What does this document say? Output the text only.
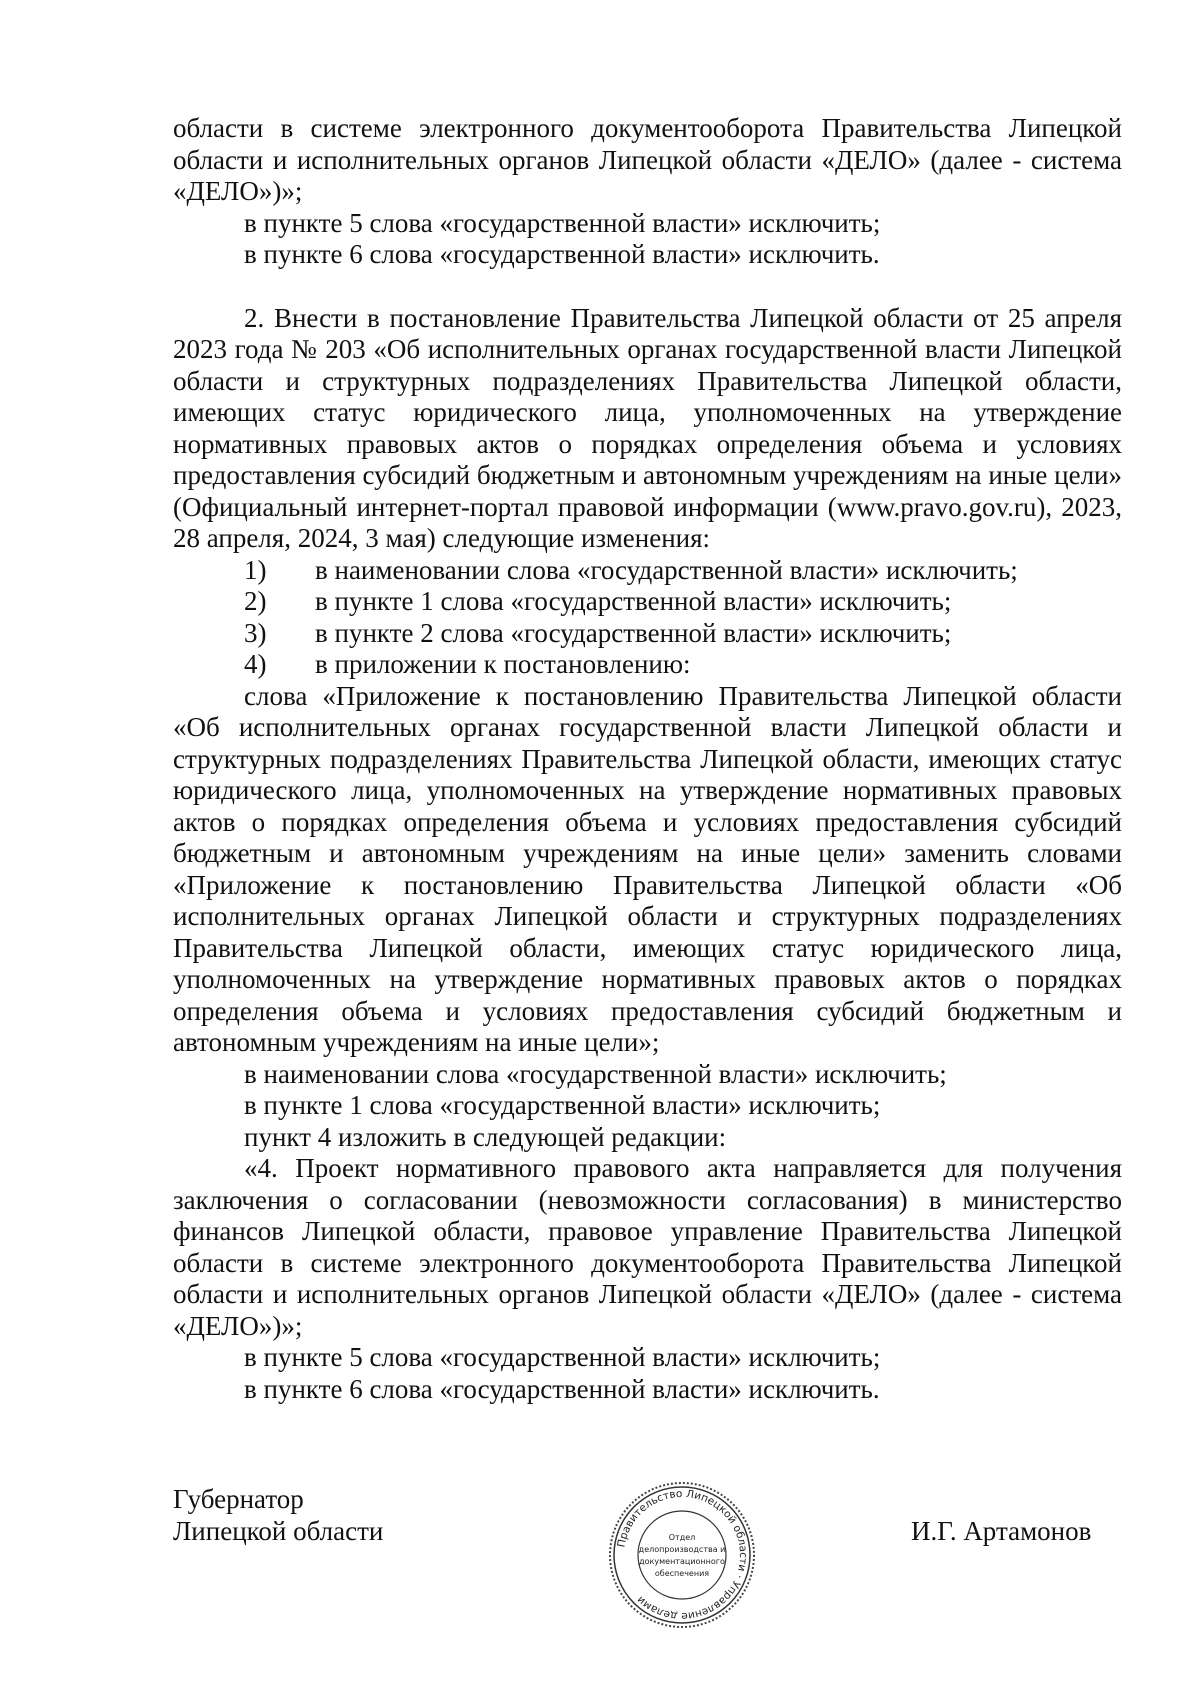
области в системе электронного документооборота Правительства Липецкой области и исполнительных органов Липецкой области «ДЕЛО» (далее - система «ДЕЛО»)»;

в пункте 5 слова «государственной власти» исключить;

в пункте 6 слова «государственной власти» исключить.

2. Внести в постановление Правительства Липецкой области от 25 апреля 2023 года № 203 «Об исполнительных органах государственной власти Липецкой области и структурных подразделениях Правительства Липецкой области, имеющих статус юридического лица, уполномоченных на утверждение нормативных правовых актов о порядках определения объема и условиях предоставления субсидий бюджетным и автономным учреждениям на иные цели» (Официальный интернет-портал правовой информации (www.pravo.gov.ru), 2023, 28 апреля, 2024, 3 мая) следующие изменения:

1) в наименовании слова «государственной власти» исключить;
2) в пункте 1 слова «государственной власти» исключить;
3) в пункте 2 слова «государственной власти» исключить;
4) в приложении к постановлению:

слова «Приложение к постановлению Правительства Липецкой области «Об исполнительных органах государственной власти Липецкой области и структурных подразделениях Правительства Липецкой области, имеющих статус юридического лица, уполномоченных на утверждение нормативных правовых актов о порядках определения объема и условиях предоставления субсидий бюджетным и автономным учреждениям на иные цели» заменить словами «Приложение к постановлению Правительства Липецкой области «Об исполнительных органах Липецкой области и структурных подразделениях Правительства Липецкой области, имеющих статус юридического лица, уполномоченных на утверждение нормативных правовых актов о порядках определения объема и условиях предоставления субсидий бюджетным и автономным учреждениям на иные цели»;

в наименовании слова «государственной власти» исключить;

в пункте 1 слова «государственной власти» исключить;

пункт 4 изложить в следующей редакции:

«4. Проект нормативного правового акта направляется для получения заключения о согласовании (невозможности согласования) в министерство финансов Липецкой области, правовое управление Правительства Липецкой области в системе электронного документооборота Правительства Липецкой области и исполнительных органов Липецкой области «ДЕЛО» (далее - система «ДЕЛО»)»;

в пункте 5 слова «государственной власти» исключить;

в пункте 6 слова «государственной власти» исключить.

Губернатор
Липецкой области	Правительство Липецкой области · Управление делами
Отдел
делопроизводства и
документационного
обеспечения
И.Г. Артамонов
